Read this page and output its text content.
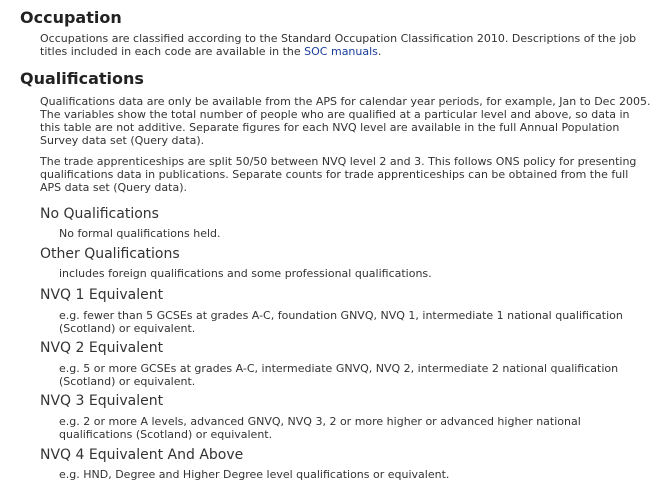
Occupation

Occupations are classified according to the Standard Occupation Classification 2010. Descriptions of the job titles included in each code are available in the SOC manuals.

Qualifications

Qualifications data are only be available from the APS for calendar year periods, for example, Jan to Dec 2005. The variables show the total number of people who are qualified at a particular level and above, so data in this table are not additive. Separate figures for each NVQ level are available in the full Annual Population Survey data set (Query data).

The trade apprenticeships are split 50/50 between NVQ level 2 and 3. This follows ONS policy for presenting qualifications data in publications. Separate counts for trade apprenticeships can be obtained from the full APS data set (Query data).

No Qualifications

No formal qualifications held.

Other Qualifications

includes foreign qualifications and some professional qualifications.

NVQ 1 Equivalent

e.g. fewer than 5 GCSEs at grades A-C, foundation GNVQ, NVQ 1, intermediate 1 national qualification (Scotland) or equivalent.

NVQ 2 Equivalent

e.g. 5 or more GCSEs at grades A-C, intermediate GNVQ, NVQ 2, intermediate 2 national qualification (Scotland) or equivalent.

NVQ 3 Equivalent

e.g. 2 or more A levels, advanced GNVQ, NVQ 3, 2 or more higher or advanced higher national qualifications (Scotland) or equivalent.

NVQ 4 Equivalent And Above

e.g. HND, Degree and Higher Degree level qualifications or equivalent.
